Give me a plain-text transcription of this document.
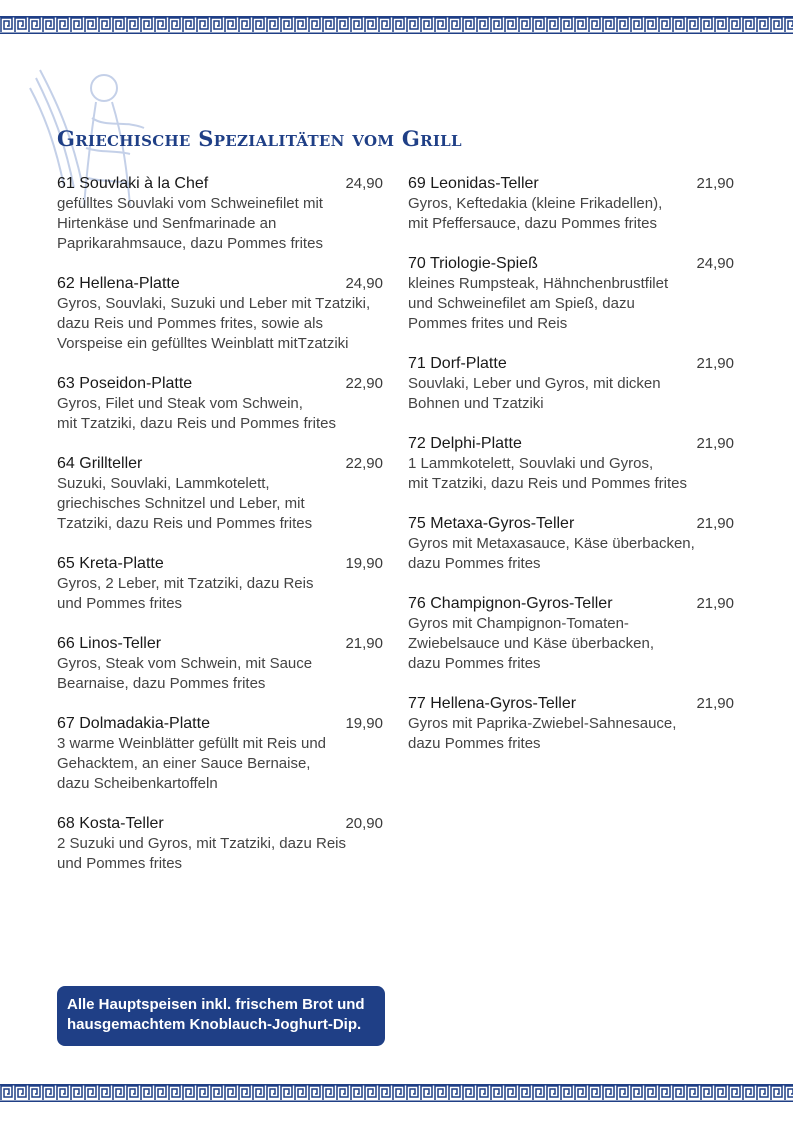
Griechische Spezialitäten vom Grill
61 Souvlaki à la Chef	24,90
gefülltes Souvlaki vom Schweinefilet mit
Hirtenkäse und Senfmarinade an
Paprikarahmsauce, dazu Pommes frites
62 Hellena-Platte	24,90
Gyros, Souvlaki, Suzuki und Leber mit Tzatziki,
dazu Reis und Pommes frites, sowie als
Vorspeise ein gefülltes Weinblatt mitTzatziki
63 Poseidon-Platte	22,90
Gyros, Filet und Steak vom Schwein,
mit Tzatziki, dazu Reis und Pommes frites
64 Grillteller	22,90
Suzuki, Souvlaki, Lammkotelett,
griechisches Schnitzel und Leber, mit
Tzatziki, dazu Reis und Pommes frites
65 Kreta-Platte	19,90
Gyros, 2 Leber, mit Tzatziki, dazu Reis
und Pommes frites
66 Linos-Teller	21,90
Gyros, Steak vom Schwein, mit Sauce
Bearnaise, dazu Pommes frites
67 Dolmadakia-Platte	19,90
3 warme Weinblätter gefüllt mit Reis und
Gehacktem, an einer Sauce Bernaise,
dazu Scheibenkartoffeln
68 Kosta-Teller	20,90
2 Suzuki und Gyros, mit Tzatziki, dazu Reis
und Pommes frites
69 Leonidas-Teller	21,90
Gyros, Keftedakia (kleine Frikadellen),
mit Pfeffersauce, dazu Pommes frites
70 Triologie-Spieß	24,90
kleines Rumpsteak, Hähnchenbrustfilet
und Schweinefilet am Spieß, dazu
Pommes frites und Reis
71 Dorf-Platte	21,90
Souvlaki, Leber und Gyros, mit dicken
Bohnen und Tzatziki
72 Delphi-Platte	21,90
1 Lammkotelett, Souvlaki und Gyros,
mit Tzatziki, dazu Reis und Pommes frites
75 Metaxa-Gyros-Teller	21,90
Gyros mit Metaxasauce, Käse überbacken,
dazu Pommes frites
76 Champignon-Gyros-Teller	21,90
Gyros mit Champignon-Tomaten-
Zwiebelsauce und Käse überbacken,
dazu Pommes frites
77 Hellena-Gyros-Teller	21,90
Gyros mit Paprika-Zwiebel-Sahnesauce,
dazu Pommes frites
Alle Hauptspeisen inkl. frischem Brot und
hausgemachtem Knoblauch-Joghurt-Dip.
